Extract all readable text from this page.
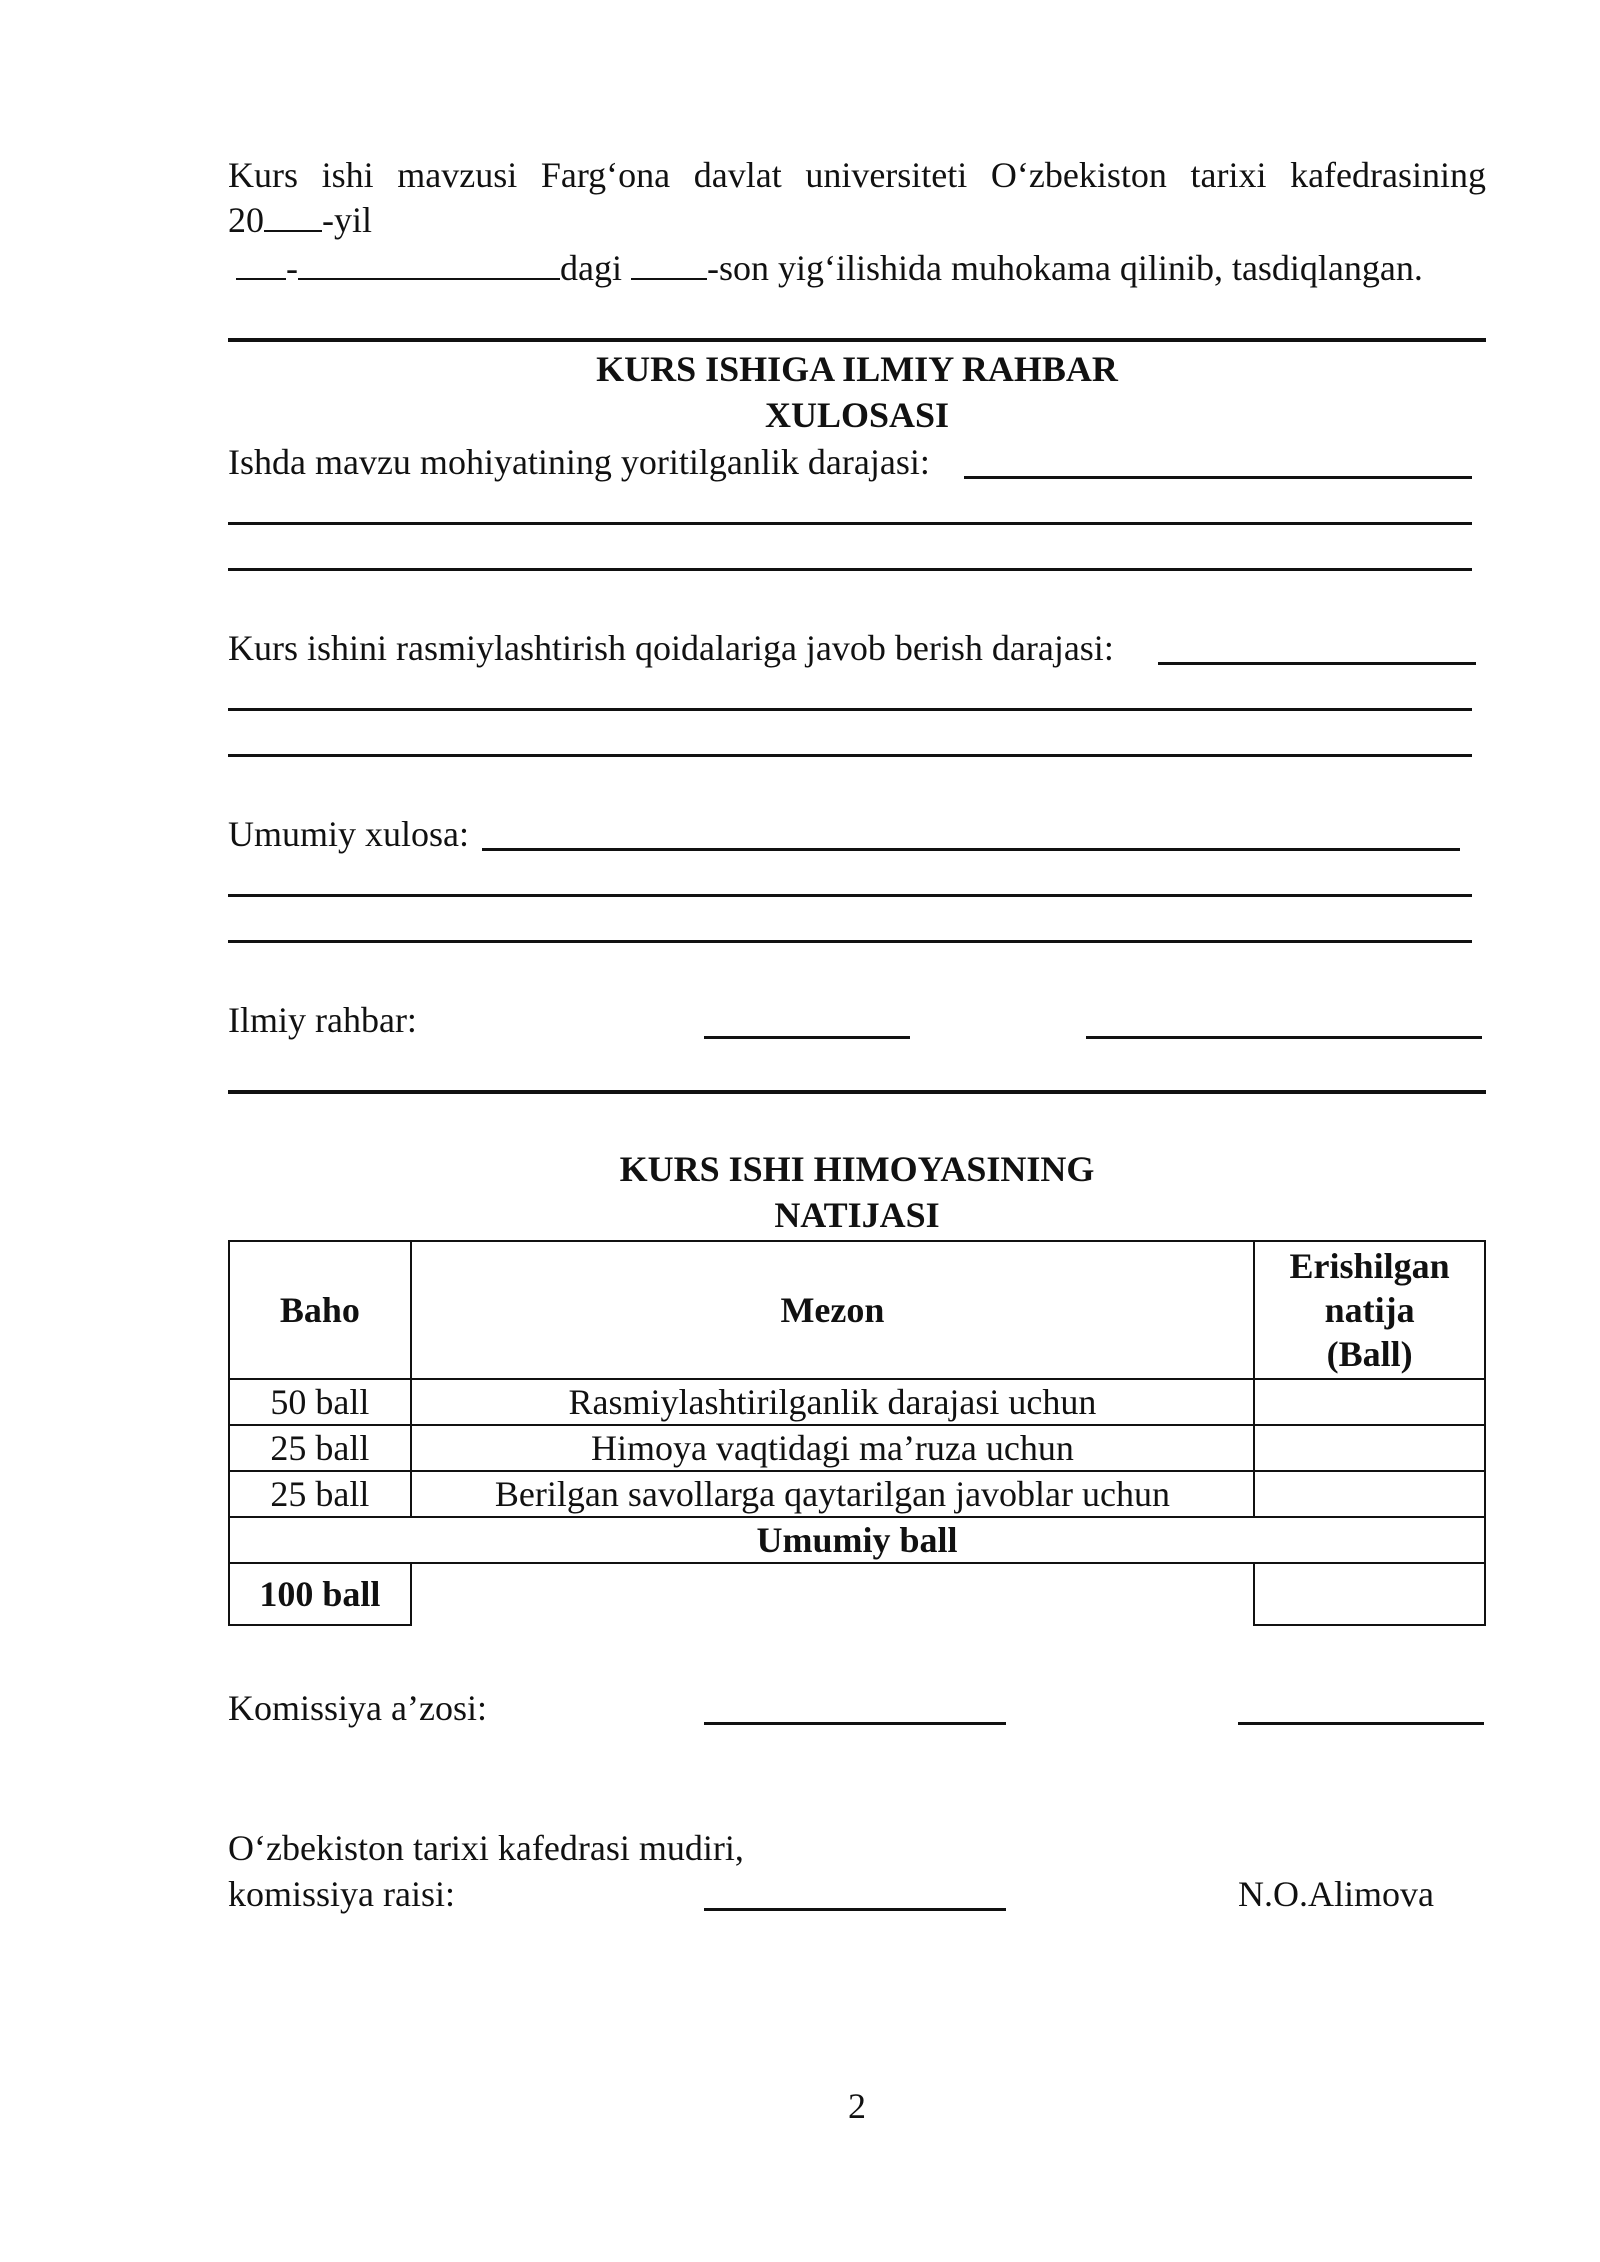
Kurs ishi mavzusi Farg‘ona davlat universiteti O‘zbekiston tarixi kafedrasining
20 -yil
-	dagi -son yig‘ilishida muhokama qilinib, tasdiqlangan.
KURS ISHIGA ILMIY RAHBAR
XULOSASI
Ishda mavzu mohiyatining yoritilganlik darajasi:
Kurs ishini rasmiylashtirish qoidalariga javob berish darajasi:
Umumiy xulosa:
Ilmiy rahbar:
KURS ISHI HIMOYASINING
NATIJASI
Baho	Mezon	Erishilgan
natija
(Ball)

50 ball	Rasmiylashtirilganlik darajasi uchun	
25 ball	Himoya vaqtidagi ma’ruza uchun	
25 ball	Berilgan savollarga qaytarilgan javoblar uchun	
Umumiy ball		
100 ball		
Komissiya a’zosi:
O‘zbekiston tarixi kafedrasi mudiri,
komissiya raisi:	N.O.Alimova
2
